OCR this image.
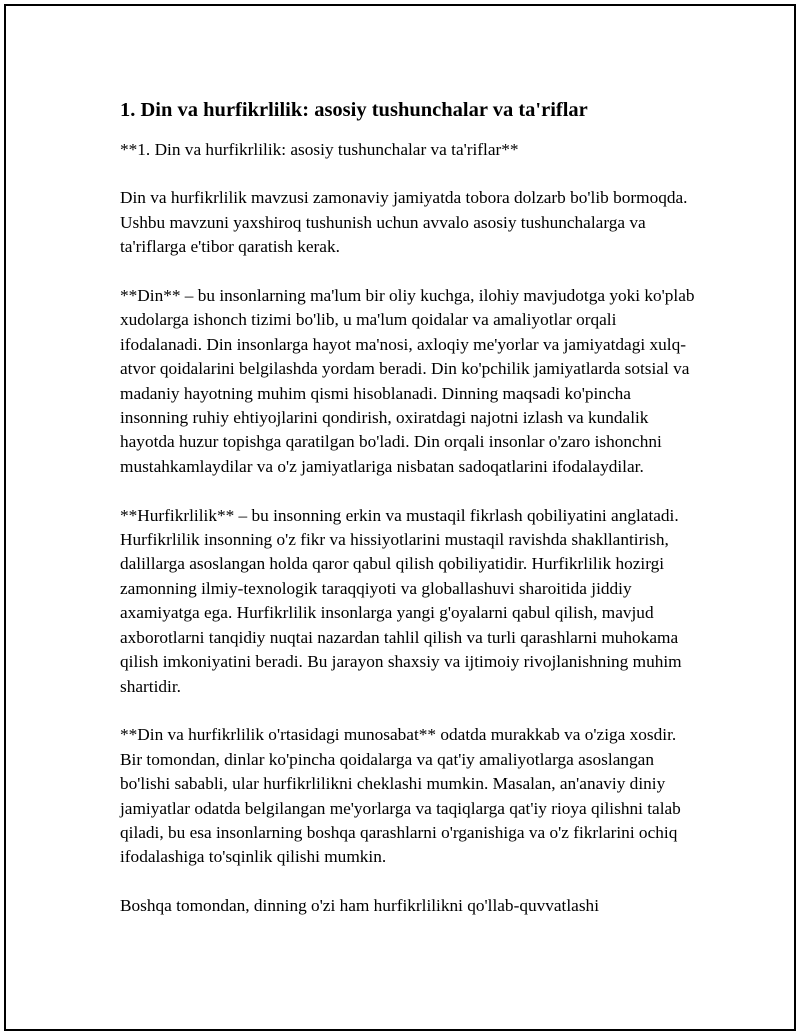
1. Din va hurfikrlilik: asosiy tushunchalar va ta'riflar

**1. Din va hurfikrlilik: asosiy tushunchalar va ta'riflar**

Din va hurfikrlilik mavzusi zamonaviy jamiyatda tobora dolzarb bo'lib bormoqda. Ushbu mavzuni yaxshiroq tushunish uchun avvalo asosiy tushunchalarga va ta'riflarga e'tibor qaratish kerak.

**Din** – bu insonlarning ma'lum bir oliy kuchga, ilohiy mavjudotga yoki ko'plab xudolarga ishonch tizimi bo'lib, u ma'lum qoidalar va amaliyotlar orqali ifodalanadi. Din insonlarga hayot ma'nosi, axloqiy me'yorlar va jamiyatdagi xulq-atvor qoidalarini belgilashda yordam beradi. Din ko'pchilik jamiyatlarda sotsial va madaniy hayotning muhim qismi hisoblanadi. Dinning maqsadi ko'pincha insonning ruhiy ehtiyojlarini qondirish, oxiratdagi najotni izlash va kundalik hayotda huzur topishga qaratilgan bo'ladi. Din orqali insonlar o'zaro ishonchni mustahkamlaydilar va o'z jamiyatlariga nisbatan sadoqatlarini ifodalaydilar.

**Hurfikrlilik** – bu insonning erkin va mustaqil fikrlash qobiliyatini anglatadi. Hurfikrlilik insonning o'z fikr va hissiyotlarini mustaqil ravishda shakllantirish, dalillarga asoslangan holda qaror qabul qilish qobiliyatidir. Hurfikrlilik hozirgi zamonning ilmiy-texnologik taraqqiyoti va globallashuvi sharoitida jiddiy axamiyatga ega. Hurfikrlilik insonlarga yangi g'oyalarni qabul qilish, mavjud axborotlarni tanqidiy nuqtai nazardan tahlil qilish va turli qarashlarni muhokama qilish imkoniyatini beradi. Bu jarayon shaxsiy va ijtimoiy rivojlanishning muhim shartidir.

**Din va hurfikrlilik o'rtasidagi munosabat** odatda murakkab va o'ziga xosdir. Bir tomondan, dinlar ko'pincha qoidalarga va qat'iy amaliyotlarga asoslangan bo'lishi sababli, ular hurfikrlilikni cheklashi mumkin. Masalan, an'anaviy diniy jamiyatlar odatda belgilangan me'yorlarga va taqiqlarga qat'iy rioya qilishni talab qiladi, bu esa insonlarning boshqa qarashlarni o'rganishiga va o'z fikrlarini ochiq ifodalashiga to'sqinlik qilishi mumkin.

Boshqa tomondan, dinning o'zi ham hurfikrlilikni qo'llab-quvvatlashi
